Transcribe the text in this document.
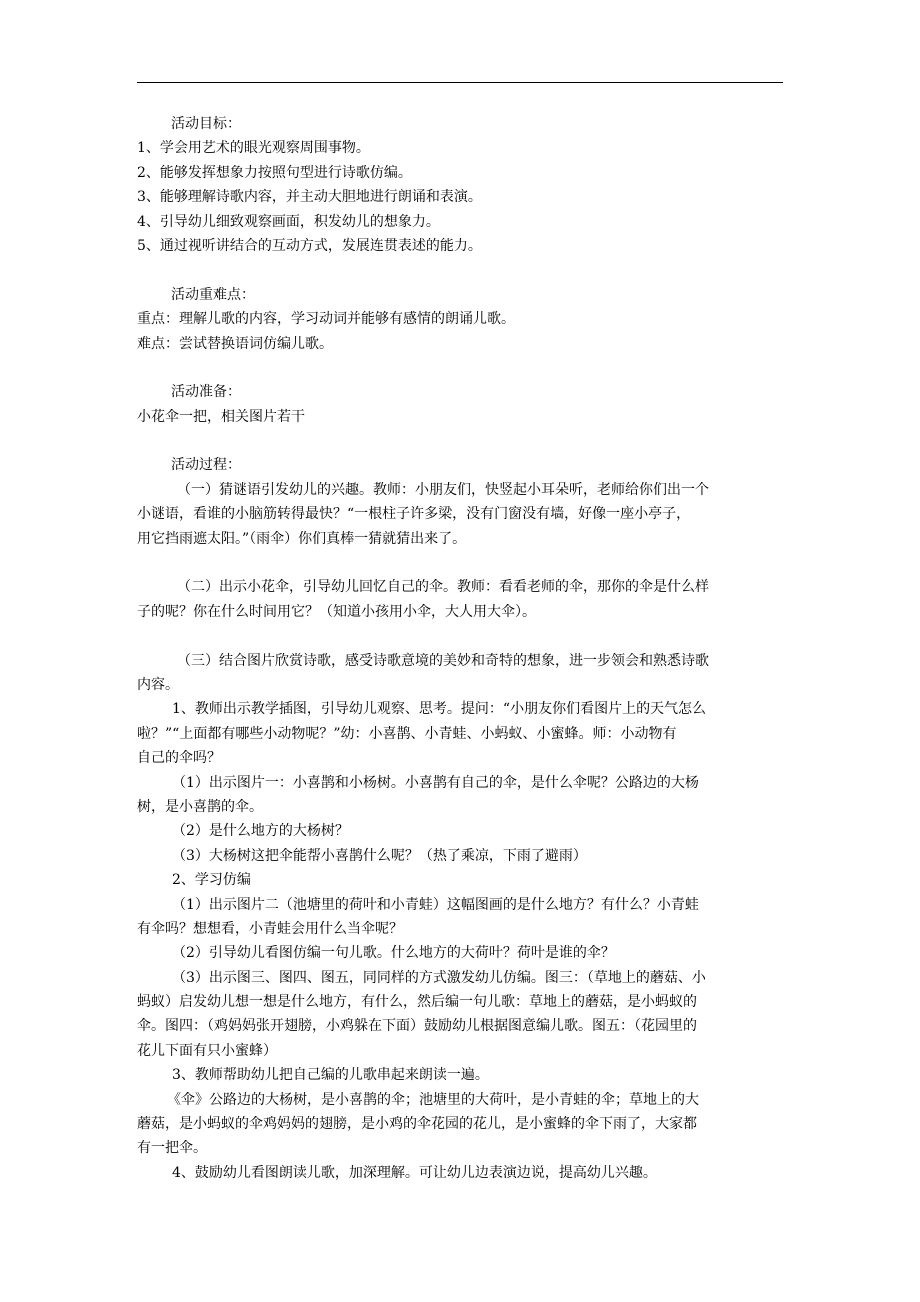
活动目标：
1、学会用艺术的眼光观察周围事物。
2、能够发挥想象力按照句型进行诗歌仿编。
3、能够理解诗歌内容，并主动大胆地进行朗诵和表演。
4、引导幼儿细致观察画面，积发幼儿的想象力。
5、通过视听讲结合的互动方式，发展连贯表述的能力。
活动重难点：
重点：理解儿歌的内容，学习动词并能够有感情的朗诵儿歌。
难点：尝试替换语词仿编儿歌。
活动准备：
小花伞一把，相关图片若干
活动过程：
（一）猜谜语引发幼儿的兴趣。教师：小朋友们，快竖起小耳朵听，老师给你们出一个
小谜语，看谁的小脑筋转得最快？“一根柱子许多梁，没有门窗没有墙，好像一座小亭子，
用它挡雨遮太阳。”（雨伞）你们真棒一猜就猜出来了。
（二）出示小花伞，引导幼儿回忆自己的伞。教师：看看老师的伞，那你的伞是什么样
子的呢？你在什么时间用它？（知道小孩用小伞，大人用大伞）。
（三）结合图片欣赏诗歌，感受诗歌意境的美妙和奇特的想象，进一步领会和熟悉诗歌
内容。
1、教师出示教学插图，引导幼儿观察、思考。提问：“小朋友你们看图片上的天气怎么
啦？”“上面都有哪些小动物呢？”幼：小喜鹊、小青蛙、小蚂蚁、小蜜蜂。师：小动物有
自己的伞吗？
（1）出示图片一：小喜鹊和小杨树。小喜鹊有自己的伞，是什么伞呢？公路边的大杨
树，是小喜鹊的伞。
（2）是什么地方的大杨树？
（3）大杨树这把伞能帮小喜鹊什么呢？（热了乘凉，下雨了避雨）
2、学习仿编
（1）出示图片二（池塘里的荷叶和小青蛙）这幅图画的是什么地方？有什么？小青蛙
有伞吗？想想看，小青蛙会用什么当伞呢？
（2）引导幼儿看图仿编一句儿歌。什么地方的大荷叶？荷叶是谁的伞？
（3）出示图三、图四、图五，同同样的方式激发幼儿仿编。图三：（草地上的蘑菇、小
蚂蚁）启发幼儿想一想是什么地方，有什么，然后编一句儿歌：草地上的蘑菇，是小蚂蚁的
伞。图四：（鸡妈妈张开翅膀，小鸡躲在下面）鼓励幼儿根据图意编儿歌。图五：（花园里的
花儿下面有只小蜜蜂）
3、教师帮助幼儿把自己编的儿歌串起来朗读一遍。
《伞》公路边的大杨树，是小喜鹊的伞；池塘里的大荷叶，是小青蛙的伞；草地上的大
蘑菇，是小蚂蚁的伞鸡妈妈的翅膀，是小鸡的伞花园的花儿，是小蜜蜂的伞下雨了，大家都
有一把伞。
4、鼓励幼儿看图朗读儿歌，加深理解。可让幼儿边表演边说，提高幼儿兴趣。
